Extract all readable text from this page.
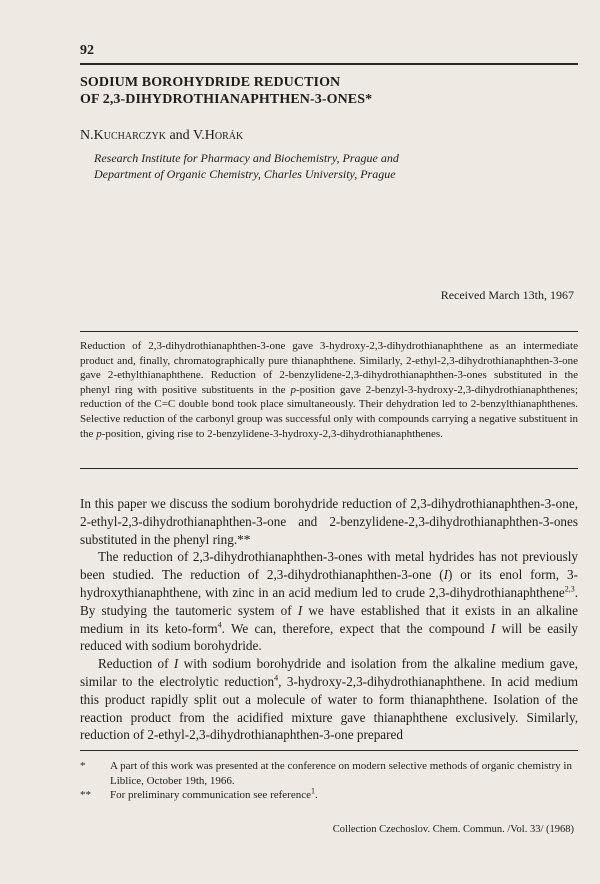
92
SODIUM BOROHYDRIDE REDUCTION
OF 2,3-DIHYDROTHIANAPHTHEN-3-ONES*
N.Kucharczyk and V.Horák
Research Institute for Pharmacy and Biochemistry, Prague and
Department of Organic Chemistry, Charles University, Prague
Received March 13th, 1967

Reduction of 2,3-dihydrothianaphthen-3-one gave 3-hydroxy-2,3-dihydrothianaphthene as an intermediate product and, finally, chromatographically pure thianaphthene. Similarly, 2-ethyl-2,3-dihydrothianaphthen-3-one gave 2-ethylthianaphthene. Reduction of 2-benzylidene-2,3-dihydrothianaphthen-3-ones substituted in the phenyl ring with positive substituents in the p-position gave 2-benzyl-3-hydroxy-2,3-dihydrothianaphthenes; reduction of the C=C double bond took place simultaneously. Their dehydration led to 2-benzylthianaphthenes. Selective reduction of the carbonyl group was successful only with compounds carrying a negative substituent in the p-position, giving rise to 2-benzylidene-3-hydroxy-2,3-dihydrothianaphthenes.

In this paper we discuss the sodium borohydride reduction of 2,3-dihydrothianaphthen-3-one, 2-ethyl-2,3-dihydrothianaphthen-3-one and 2-benzylidene-2,3-dihydrothianaphthen-3-ones substituted in the phenyl ring.**

The reduction of 2,3-dihydrothianaphthen-3-ones with metal hydrides has not previously been studied. The reduction of 2,3-dihydrothianaphthen-3-one (I) or its enol form, 3-hydroxythianaphthene, with zinc in an acid medium led to crude 2,3-dihydrothianaphthene$^{2,3}$. By studying the tautomeric system of I we have established that it exists in an alkaline medium in its keto-form$^4$. We can, therefore, expect that the compound I will be easily reduced with sodium borohydride.

Reduction of I with sodium borohydride and isolation from the alkaline medium gave, similar to the electrolytic reduction$^4$, 3-hydroxy-2,3-dihydrothianaphthene. In acid medium this product rapidly split out a molecule of water to form thianaphthene. Isolation of the reaction product from the acidified mixture gave thianaphthene exclusively. Similarly, reduction of 2-ethyl-2,3-dihydrothianaphthen-3-one prepared

*	A part of this work was presented at the conference on modern selective methods of organic chemistry in Liblice, October 19th, 1966.
**	For preliminary communication see reference$^1$.
Collection Czechoslov. Chem. Commun. /Vol. 33/ (1968)
